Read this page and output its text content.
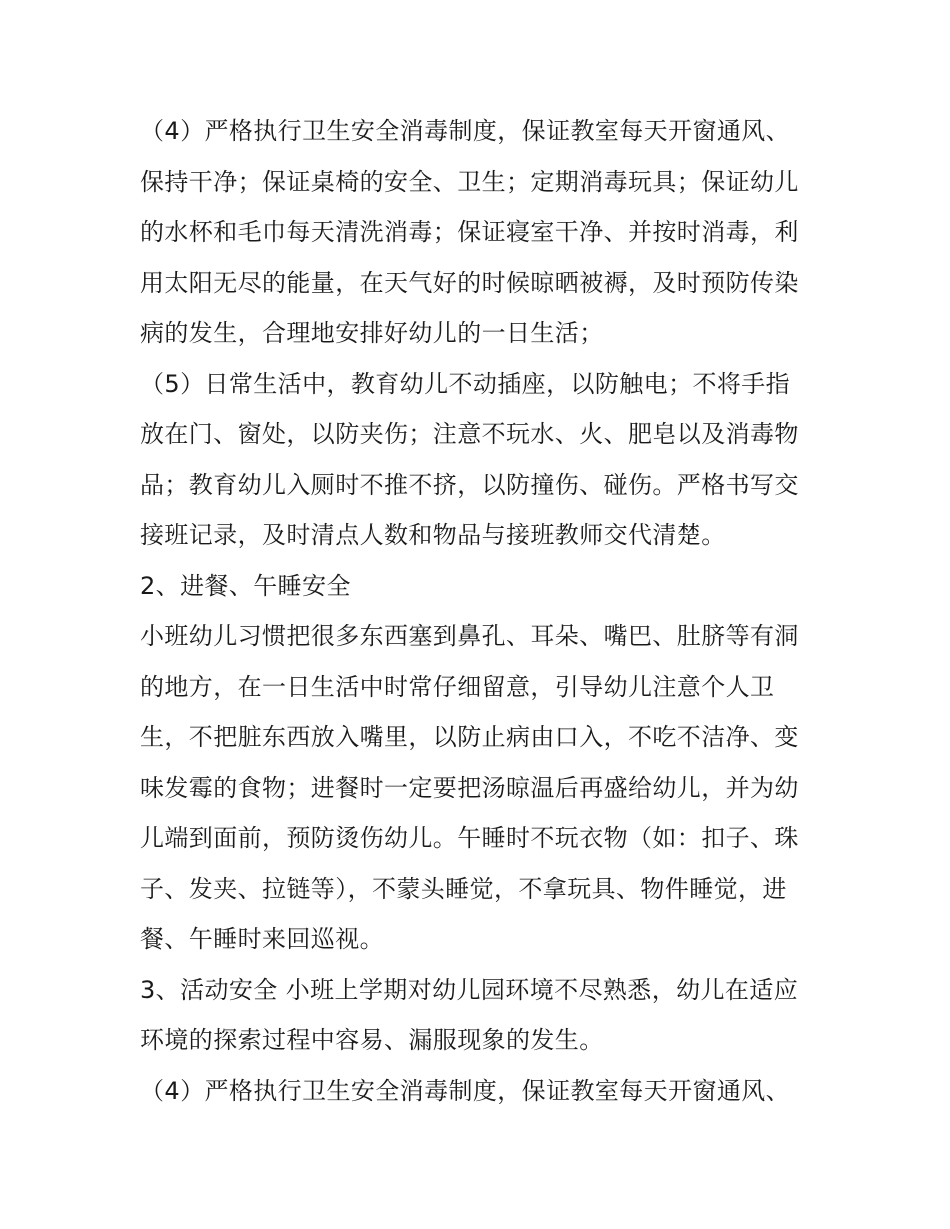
（4）严格执行卫生安全消毒制度，保证教室每天开窗通风、
保持干净；保证桌椅的安全、卫生；定期消毒玩具；保证幼儿
的水杯和毛巾每天清洗消毒；保证寝室干净、并按时消毒，利
用太阳无尽的能量，在天气好的时候晾晒被褥，及时预防传染
病的发生，合理地安排好幼儿的一日生活；
（5）日常生活中，教育幼儿不动插座，以防触电；不将手指
放在门、窗处，以防夹伤；注意不玩水、火、肥皂以及消毒物
品；教育幼儿入厕时不推不挤，以防撞伤、碰伤。严格书写交
接班记录，及时清点人数和物品与接班教师交代清楚。
2、进餐、午睡安全
小班幼儿习惯把很多东西塞到鼻孔、耳朵、嘴巴、肚脐等有洞
的地方，在一日生活中时常仔细留意，引导幼儿注意个人卫
生，不把脏东西放入嘴里，以防止病由口入，不吃不洁净、变
味发霉的食物；进餐时一定要把汤晾温后再盛给幼儿，并为幼
儿端到面前，预防烫伤幼儿。午睡时不玩衣物（如：扣子、珠
子、发夹、拉链等），不蒙头睡觉，不拿玩具、物件睡觉，进
餐、午睡时来回巡视。
3、活动安全 小班上学期对幼儿园环境不尽熟悉，幼儿在适应
环境的探索过程中容易、漏服现象的发生。
（4）严格执行卫生安全消毒制度，保证教室每天开窗通风、
